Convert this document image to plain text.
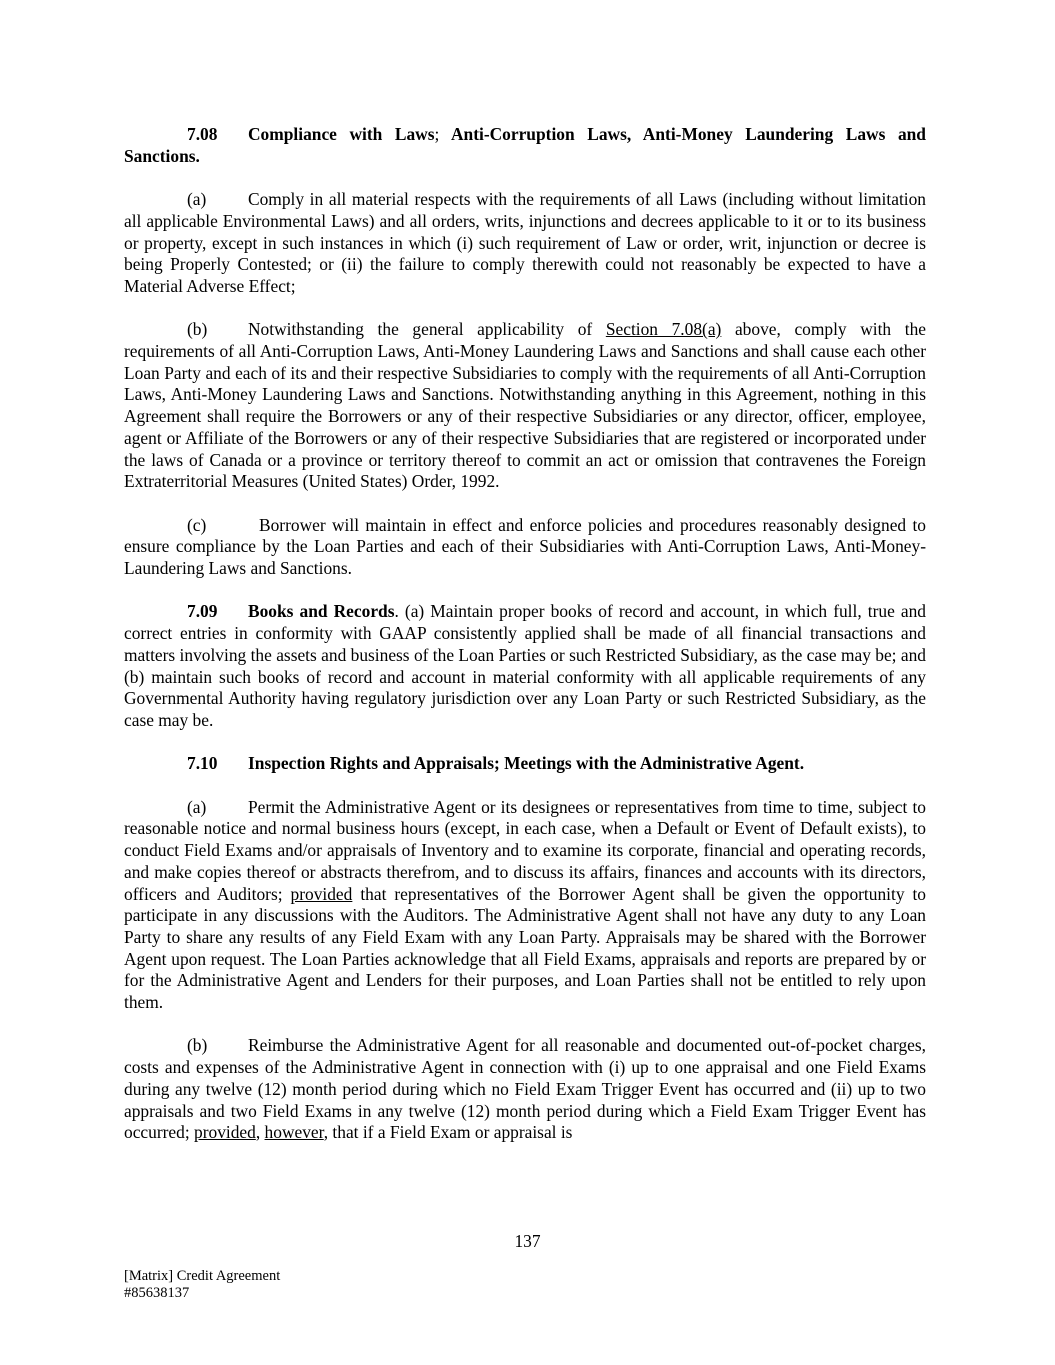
7.08 Compliance with Laws; Anti-Corruption Laws, Anti-Money Laundering Laws and Sanctions.

(a) Comply in all material respects with the requirements of all Laws (including without limitation all applicable Environmental Laws) and all orders, writs, injunctions and decrees applicable to it or to its business or property, except in such instances in which (i) such requirement of Law or order, writ, injunction or decree is being Properly Contested; or (ii) the failure to comply therewith could not reasonably be expected to have a Material Adverse Effect;

(b) Notwithstanding the general applicability of Section 7.08(a) above, comply with the requirements of all Anti-Corruption Laws, Anti-Money Laundering Laws and Sanctions and shall cause each other Loan Party and each of its and their respective Subsidiaries to comply with the requirements of all Anti-Corruption Laws, Anti-Money Laundering Laws and Sanctions. Notwithstanding anything in this Agreement, nothing in this Agreement shall require the Borrowers or any of their respective Subsidiaries or any director, officer, employee, agent or Affiliate of the Borrowers or any of their respective Subsidiaries that are registered or incorporated under the laws of Canada or a province or territory thereof to commit an act or omission that contravenes the Foreign Extraterritorial Measures (United States) Order, 1992.

(c)	Borrower will maintain in effect and enforce policies and procedures reasonably designed to ensure compliance by the Loan Parties and each of their Subsidiaries with Anti-Corruption Laws, Anti-Money-Laundering Laws and Sanctions.

7.09 Books and Records. (a) Maintain proper books of record and account, in which full, true and correct entries in conformity with GAAP consistently applied shall be made of all financial transactions and matters involving the assets and business of the Loan Parties or such Restricted Subsidiary, as the case may be; and (b) maintain such books of record and account in material conformity with all applicable requirements of any Governmental Authority having regulatory jurisdiction over any Loan Party or such Restricted Subsidiary, as the case may be.

7.10 Inspection Rights and Appraisals; Meetings with the Administrative Agent.

(a) Permit the Administrative Agent or its designees or representatives from time to time, subject to reasonable notice and normal business hours (except, in each case, when a Default or Event of Default exists), to conduct Field Exams and/or appraisals of Inventory and to examine its corporate, financial and operating records, and make copies thereof or abstracts therefrom, and to discuss its affairs, finances and accounts with its directors, officers and Auditors; provided that representatives of the Borrower Agent shall be given the opportunity to participate in any discussions with the Auditors. The Administrative Agent shall not have any duty to any Loan Party to share any results of any Field Exam with any Loan Party. Appraisals may be shared with the Borrower Agent upon request. The Loan Parties acknowledge that all Field Exams, appraisals and reports are prepared by or for the Administrative Agent and Lenders for their purposes, and Loan Parties shall not be entitled to rely upon them.

(b) Reimburse the Administrative Agent for all reasonable and documented out-of-pocket charges, costs and expenses of the Administrative Agent in connection with (i) up to one appraisal and one Field Exams during any twelve (12) month period during which no Field Exam Trigger Event has occurred and (ii) up to two appraisals and two Field Exams in any twelve (12) month period during which a Field Exam Trigger Event has occurred; provided, however, that if a Field Exam or appraisal is

137
[Matrix] Credit Agreement
#85638137
